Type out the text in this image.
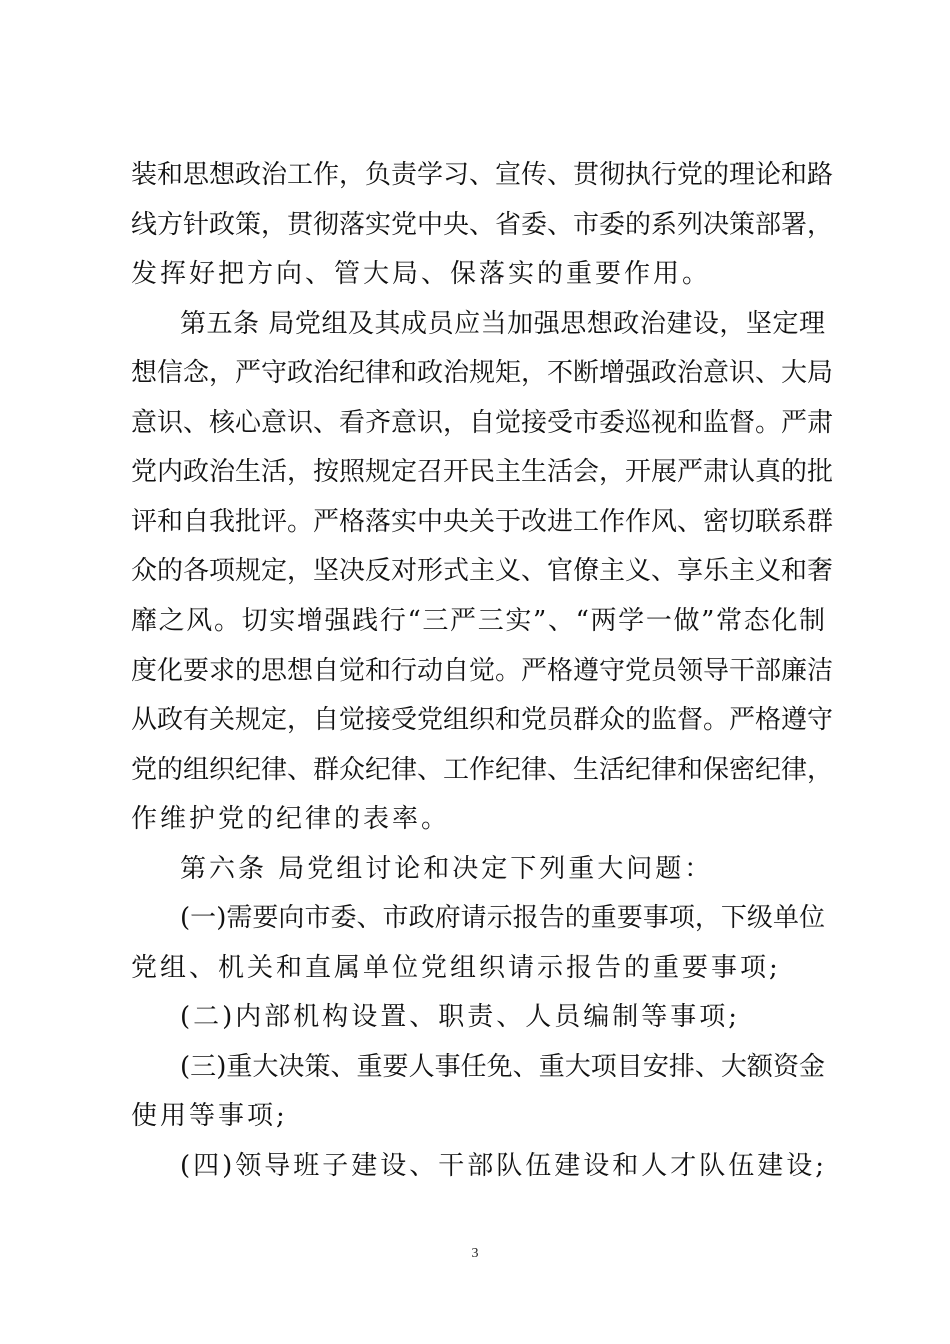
装和思想政治工作，负责学习、宣传、贯彻执行党的理论和路
线方针政策，贯彻落实党中央、省委、市委的系列决策部署，
发挥好把方向、管大局、保落实的重要作用。
第五条 局党组及其成员应当加强思想政治建设，坚定理
想信念，严守政治纪律和政治规矩，不断增强政治意识、大局
意识、核心意识、看齐意识，自觉接受市委巡视和监督。严肃
党内政治生活，按照规定召开民主生活会，开展严肃认真的批
评和自我批评。严格落实中央关于改进工作作风、密切联系群
众的各项规定，坚决反对形式主义、官僚主义、享乐主义和奢
靡之风。切实增强践行“三严三实”、“两学一做”常态化制
度化要求的思想自觉和行动自觉。严格遵守党员领导干部廉洁
从政有关规定，自觉接受党组织和党员群众的监督。严格遵守
党的组织纪律、群众纪律、工作纪律、生活纪律和保密纪律，
作维护党的纪律的表率。
第六条 局党组讨论和决定下列重大问题：
(一)需要向市委、市政府请示报告的重要事项，下级单位
党组、机关和直属单位党组织请示报告的重要事项;
(二)内部机构设置、职责、人员编制等事项;
(三)重大决策、重要人事任免、重大项目安排、大额资金
使用等事项;
(四)领导班子建设、干部队伍建设和人才队伍建设;
3
